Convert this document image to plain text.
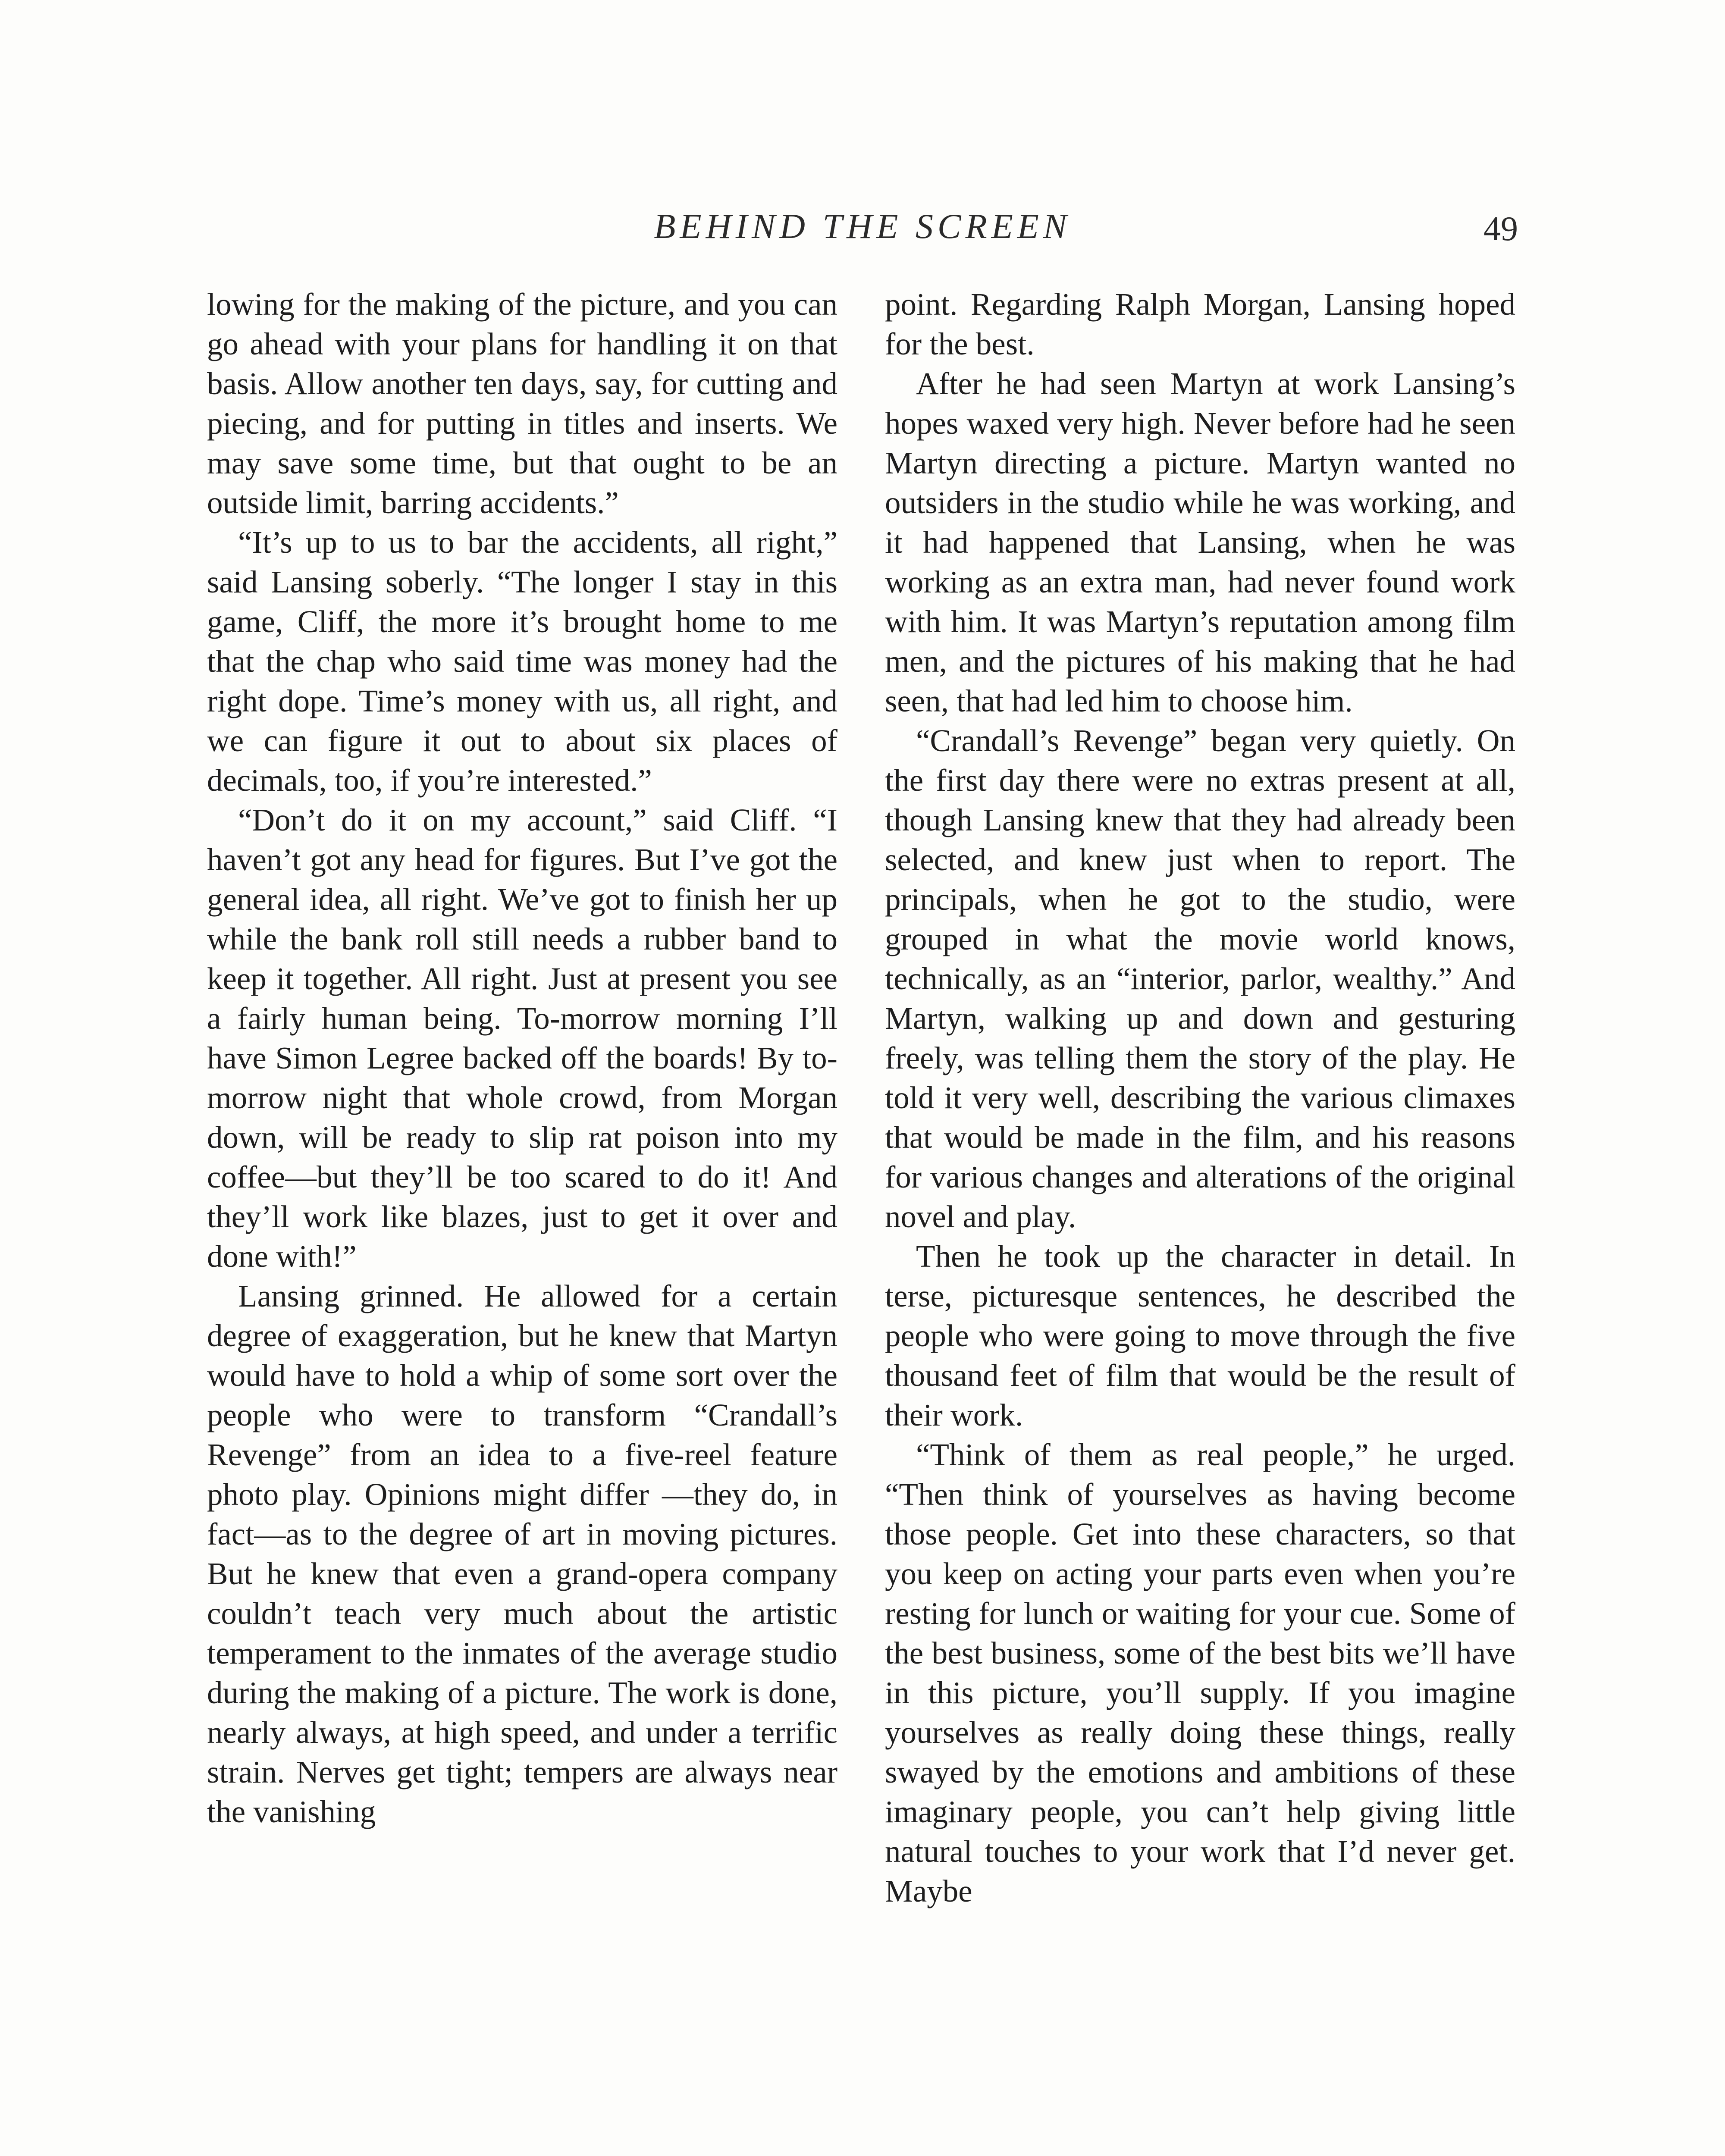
BEHIND THE SCREEN	49

lowing for the making of the picture, and you can go ahead with your plans for handling it on that basis. Allow another ten days, say, for cutting and piecing, and for putting in titles and inserts. We may save some time, but that ought to be an outside limit, barring accidents.”

“It’s up to us to bar the accidents, all right,” said Lansing soberly. “The longer I stay in this game, Cliff, the more it’s brought home to me that the chap who said time was money had the right dope. Time’s money with us, all right, and we can figure it out to about six places of decimals, too, if you’re interested.”

“Don’t do it on my account,” said Cliff. “I haven’t got any head for figures. But I’ve got the general idea, all right. We’ve got to finish her up while the bank roll still needs a rubber band to keep it together. All right. Just at present you see a fairly human being. To-morrow morning I’ll have Simon Legree backed off the boards! By to-morrow night that whole crowd, from Morgan down, will be ready to slip rat poison into my coffee—but they’ll be too scared to do it! And they’ll work like blazes, just to get it over and done with!”

Lansing grinned. He allowed for a certain degree of exaggeration, but he knew that Martyn would have to hold a whip of some sort over the people who were to transform “Crandall’s Revenge” from an idea to a five-reel feature photo play. Opinions might differ —they do, in fact—as to the degree of art in moving pictures. But he knew that even a grand-opera company couldn’t teach very much about the artistic temperament to the inmates of the average studio during the making of a picture. The work is done, nearly always, at high speed, and under a terrific strain. Nerves get tight; tempers are always near the vanishing

point. Regarding Ralph Morgan, Lansing hoped for the best.

After he had seen Martyn at work Lansing’s hopes waxed very high. Never before had he seen Martyn directing a picture. Martyn wanted no outsiders in the studio while he was working, and it had happened that Lansing, when he was working as an extra man, had never found work with him. It was Martyn’s reputation among film men, and the pictures of his making that he had seen, that had led him to choose him.

“Crandall’s Revenge” began very quietly. On the first day there were no extras present at all, though Lansing knew that they had already been selected, and knew just when to report. The principals, when he got to the studio, were grouped in what the movie world knows, technically, as an “interior, parlor, wealthy.” And Martyn, walking up and down and gesturing freely, was telling them the story of the play. He told it very well, describing the various climaxes that would be made in the film, and his reasons for various changes and alterations of the original novel and play.

Then he took up the character in detail. In terse, picturesque sentences, he described the people who were going to move through the five thousand feet of film that would be the result of their work.

“Think of them as real people,” he urged. “Then think of yourselves as having become those people. Get into these characters, so that you keep on acting your parts even when you’re resting for lunch or waiting for your cue. Some of the best business, some of the best bits we’ll have in this picture, you’ll supply. If you imagine yourselves as really doing these things, really swayed by the emotions and ambitions of these imaginary people, you can’t help giving little natural touches to your work that I’d never get. Maybe
